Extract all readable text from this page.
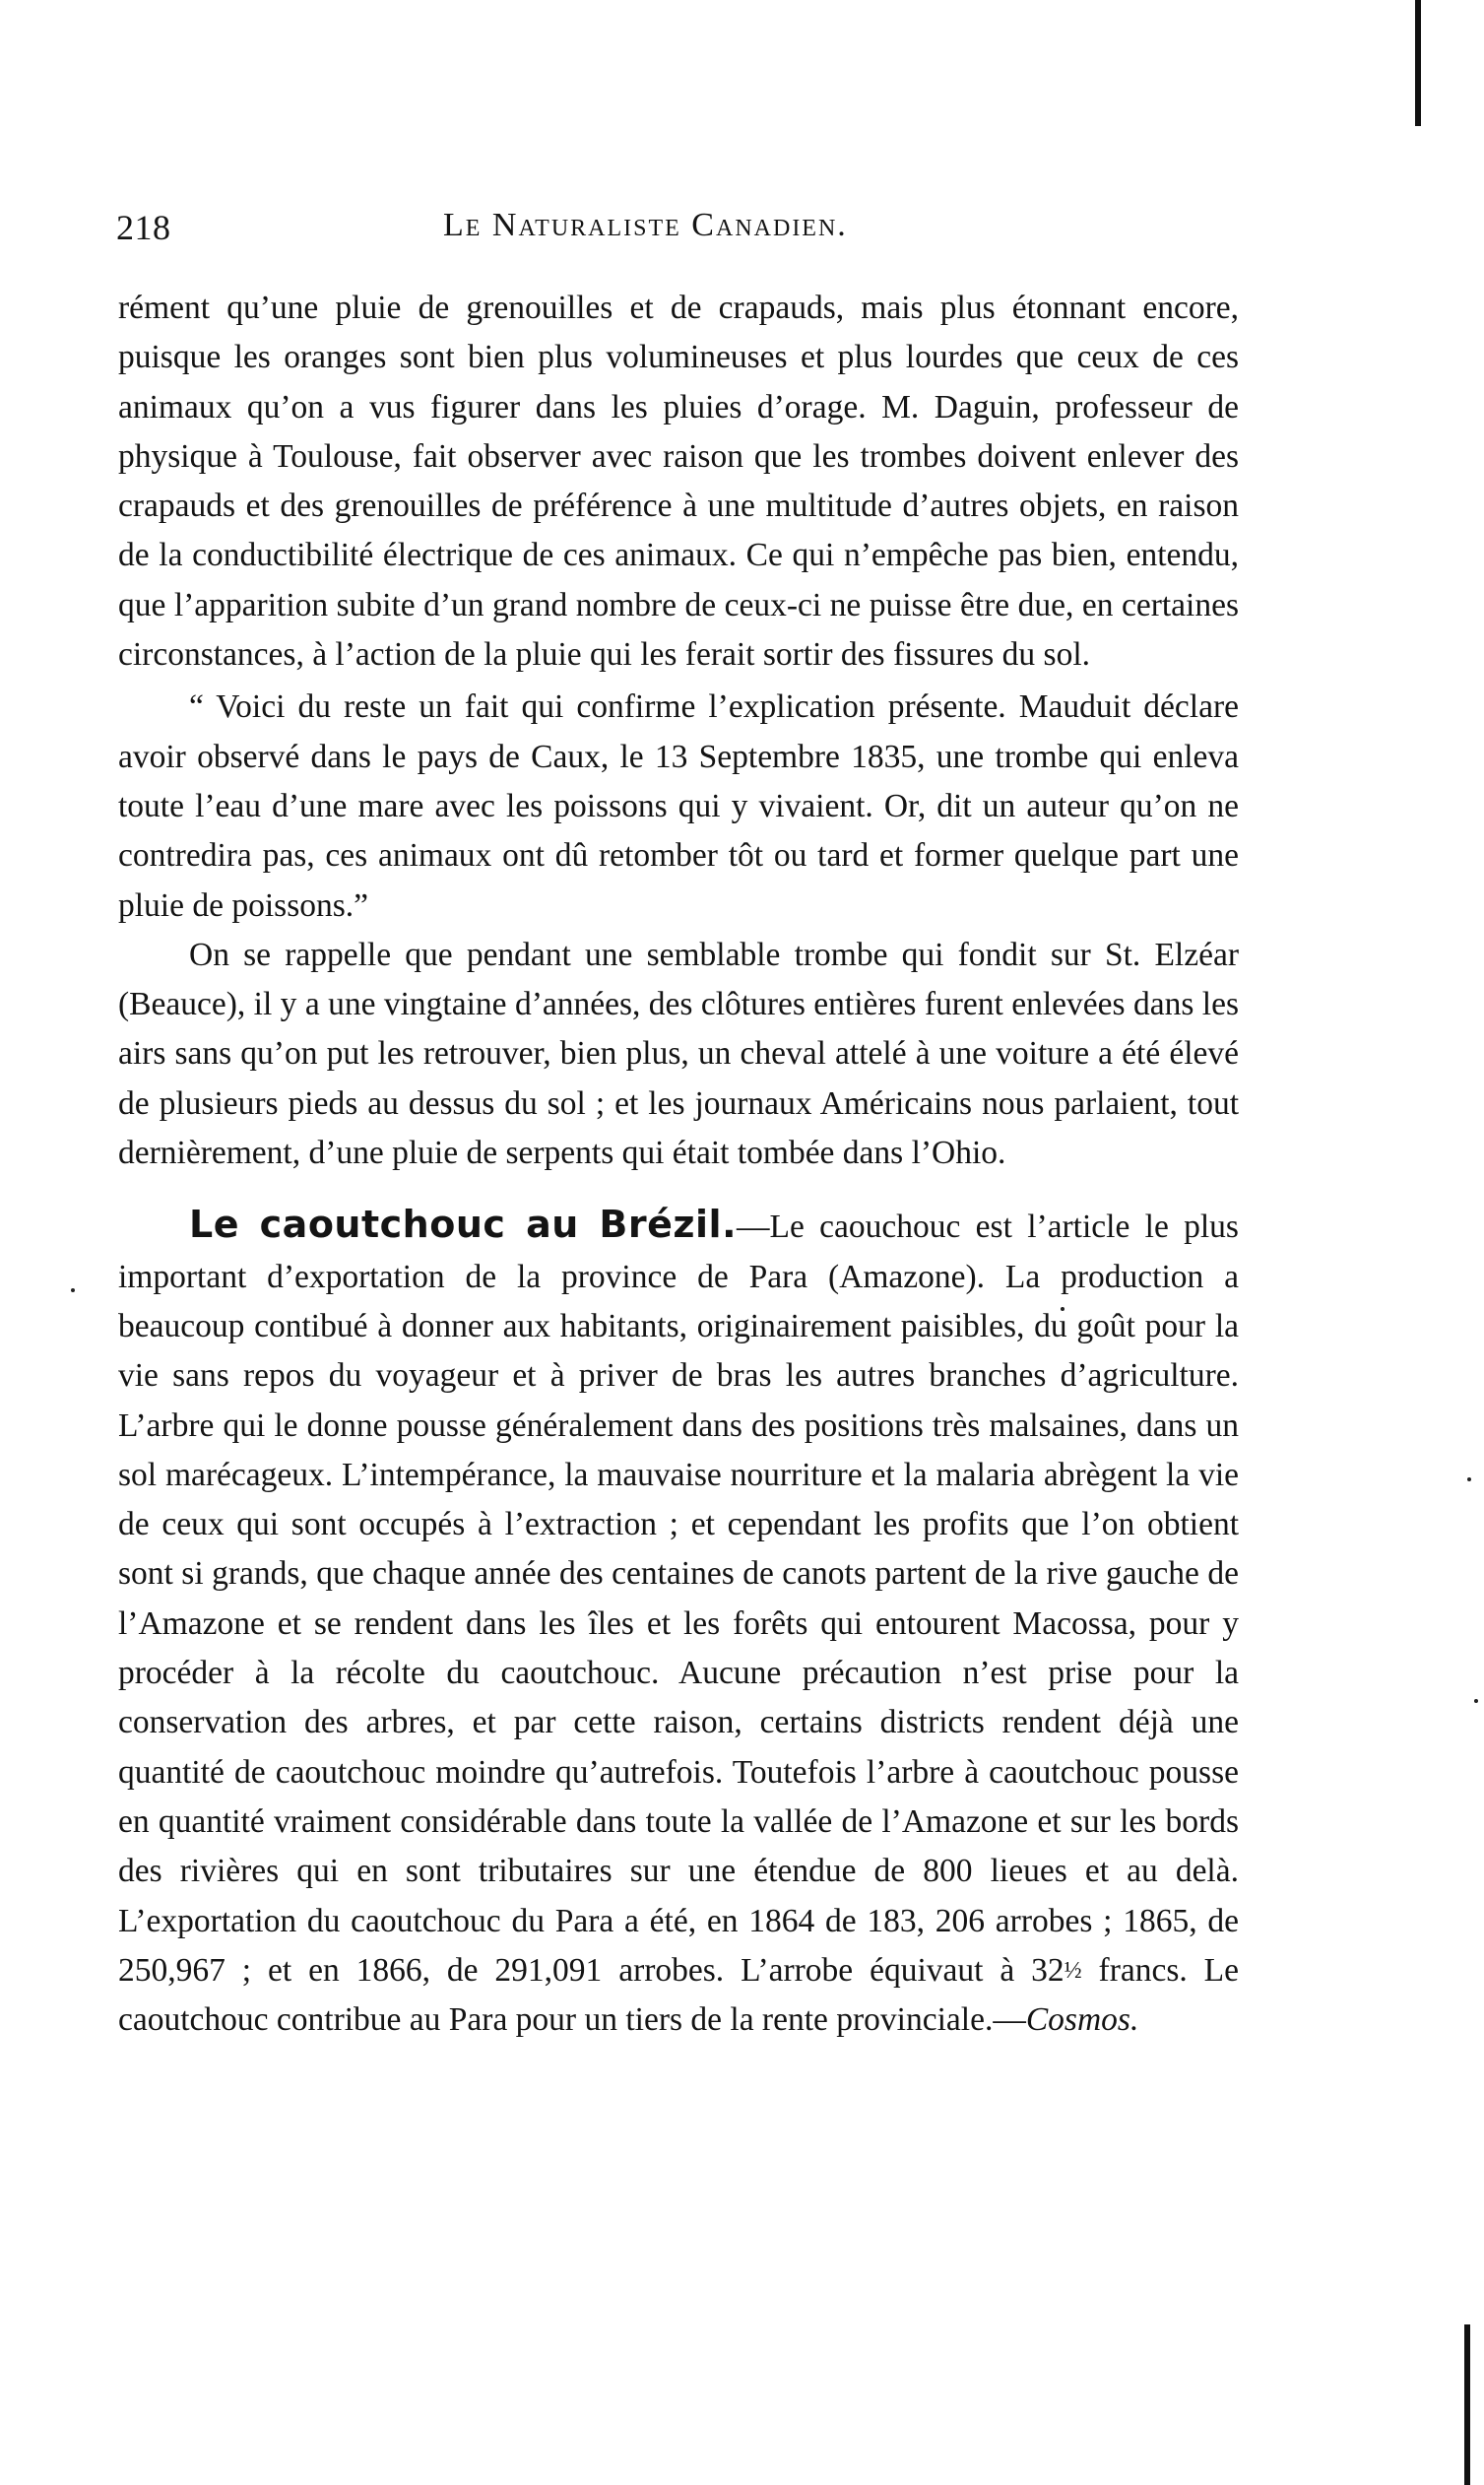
218	Le Naturaliste Canadien.

rément qu’une pluie de grenouilles et de crapauds, mais plus étonnant encore, puisque les oranges sont bien plus volumineuses et plus lourdes que ceux de ces animaux qu’on a vus figurer dans les pluies d’orage. M. Daguin, professeur de physique à Toulouse, fait observer avec raison que les trombes doivent enlever des crapauds et des grenouilles de préférence à une multitude d’autres objets, en raison de la conductibilité électrique de ces animaux. Ce qui n’empêche pas bien, entendu, que l’apparition subite d’un grand nombre de ceux-ci ne puisse être due, en certaines circonstances, à l’action de la pluie qui les ferait sortir des fissures du sol.

“ Voici du reste un fait qui confirme l’explication présente. Mauduit déclare avoir observé dans le pays de Caux, le 13 Septembre 1835, une trombe qui enleva toute l’eau d’une mare avec les poissons qui y vivaient. Or, dit un auteur qu’on ne contredira pas, ces animaux ont dû retomber tôt ou tard et former quelque part une pluie de poissons.”

On se rappelle que pendant une semblable trombe qui fondit sur St. Elzéar (Beauce), il y a une vingtaine d’années, des clôtures entières furent enlevées dans les airs sans qu’on put les retrouver, bien plus, un cheval attelé à une voiture a été élevé de plusieurs pieds au dessus du sol ; et les journaux Américains nous parlaient, tout dernièrement, d’une pluie de serpents qui était tombée dans l’Ohio.

Le caoutchouc au Brézil.—Le caouchouc est l’article le plus important d’exportation de la province de Para (Amazone). La production a beaucoup contibué à donner aux habitants, originairement paisibles, du goût pour la vie sans repos du voyageur et à priver de bras les autres branches d’agriculture. L’arbre qui le donne pousse généralement dans des positions très malsaines, dans un sol marécageux. L’intempérance, la mauvaise nourriture et la malaria abrègent la vie de ceux qui sont occupés à l’extraction ; et cependant les profits que l’on obtient sont si grands, que chaque année des centaines de canots partent de la rive gauche de l’Amazone et se rendent dans les îles et les forêts qui entourent Macossa, pour y procéder à la récolte du caoutchouc. Aucune précaution n’est prise pour la conservation des arbres, et par cette raison, certains districts rendent déjà une quantité de caoutchouc moindre qu’autrefois. Toutefois l’arbre à caoutchouc pousse en quantité vraiment considérable dans toute la vallée de l’Amazone et sur les bords des rivières qui en sont tributaires sur une étendue de 800 lieues et au delà. L’exportation du caoutchouc du Para a été, en 1864 de 183, 206 arrobes ; 1865, de 250,967 ; et en 1866, de 291,091 arrobes. L’arrobe équivaut à 32½ francs. Le caoutchouc contribue au Para pour un tiers de la rente provinciale.—Cosmos.
